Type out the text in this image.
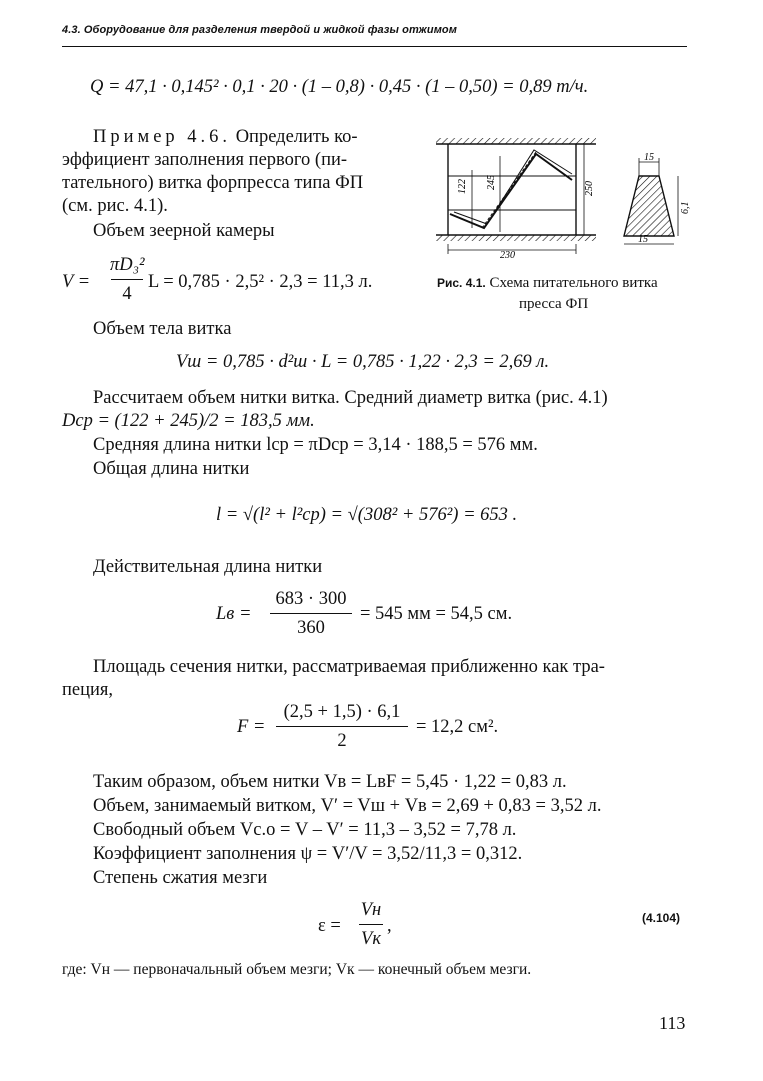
4.3. Оборудование для разделения твердой и жидкой фазы отжимом
Q = 47,1 · 0,145² · 0,1 · 20 · (1 – 0,8) · 0,45 · (1 – 0,50) = 0,89 т/ч.
Пример 4.6. Определить ко-
эффициент заполнения первого (пи-
тательного) витка форпресса типа ФП
(см. рис. 4.1).
Объем зеерной камеры
V =
πD₃²
4
L = 0,785 · 2,5² · 2,3 = 11,3 л.
122 245	250
230
15
6,1
15
Рис. 4.1. Схема питательного витка
пресса ФП
Объем тела витка
Vш = 0,785 · d²ш · L = 0,785 · 1,22 · 2,3 = 2,69 л.
Рассчитаем объем нитки витка. Средний диаметр витка (рис. 4.1)
Dср = (122 + 245)/2 = 183,5 мм.
Средняя длина нитки lср = πDср = 3,14 · 188,5 = 576 мм.
Общая длина нитки
l = √(l² + l²ср) = √(308² + 576²) = 653 .
Действительная длина нитки
Lв =
683 · 300
360
= 545 мм = 54,5 см.
Площадь сечения нитки, рассматриваемая приближенно как тра-
пеция,
F =
(2,5 + 1,5) · 6,1
2
= 12,2 см².
Таким образом, объем нитки Vв = LвF = 5,45 · 1,22 = 0,83 л.
Объем, занимаемый витком, V′ = Vш + Vв = 2,69 + 0,83 = 3,52 л.
Свободный объем Vс.о = V – V′ = 11,3 – 3,52 = 7,78 л.
Коэффициент заполнения ψ = V′/V = 3,52/11,3 = 0,312.
Степень сжатия мезги
ε =
Vн
Vк
,	(4.104)
где: Vн — первоначальный объем мезги; Vк — конечный объем мезги.
113
